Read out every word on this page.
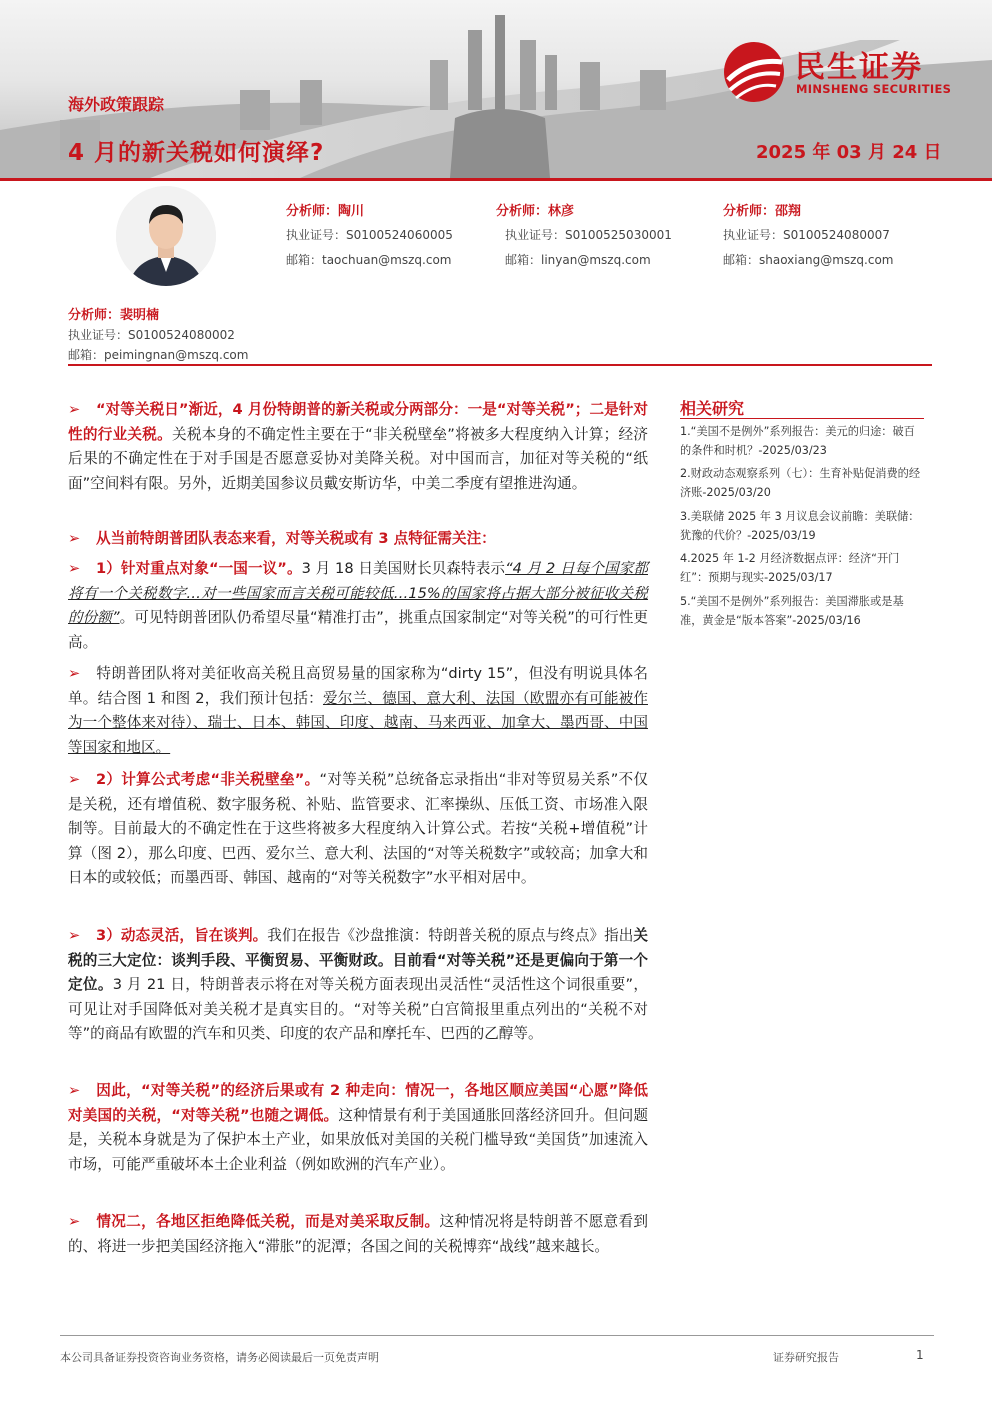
海外政策跟踪
4 月的新关税如何演绎?	2025 年 03 月 24 日
民生证券
MINSHENG SECURITIES
分析师：陶川
执业证号：S0100524060005
邮箱：taochuan@mszq.com
分析师：林彦
执业证号：S0100525030001
邮箱：linyan@mszq.com
分析师：邵翔
执业证号：S0100524080007
邮箱：shaoxiang@mszq.com
分析师：裴明楠
执业证号：S0100524080002
邮箱：peimingnan@mszq.com
➢ “对等关税日”渐近，4 月份特朗普的新关税或分两部分：一是“对等关税”；二是针对性的行业关税。关税本身的不确定性主要在于“非关税壁垒”将被多大程度纳入计算；经济后果的不确定性在于对手国是否愿意妥协对美降关税。对中国而言，加征对等关税的“纸面”空间料有限。另外，近期美国参议员戴安斯访华，中美二季度有望推进沟通。
➢ 从当前特朗普团队表态来看，对等关税或有 3 点特征需关注：
➢ 1）针对重点对象“一国一议”。3 月 18 日美国财长贝森特表示“4 月 2 日每个国家都将有一个关税数字…对一些国家而言关税可能较低…15%的国家将占据大部分被征收关税的份额”。可见特朗普团队仍希望尽量“精准打击”，挑重点国家制定“对等关税”的可行性更高。
➢ 特朗普团队将对美征收高关税且高贸易量的国家称为“dirty 15”，但没有明说具体名单。结合图 1 和图 2，我们预计包括：爱尔兰、德国、意大利、法国（欧盟亦有可能被作为一个整体来对待）、瑞士、日本、韩国、印度、越南、马来西亚、加拿大、墨西哥、中国等国家和地区。
➢ 2）计算公式考虑“非关税壁垒”。“对等关税”总统备忘录指出“非对等贸易关系”不仅是关税，还有增值税、数字服务税、补贴、监管要求、汇率操纵、压低工资、市场准入限制等。目前最大的不确定性在于这些将被多大程度纳入计算公式。若按“关税+增值税”计算（图 2），那么印度、巴西、爱尔兰、意大利、法国的“对等关税数字”或较高；加拿大和日本的或较低；而墨西哥、韩国、越南的“对等关税数字”水平相对居中。
➢ 3）动态灵活，旨在谈判。我们在报告《沙盘推演：特朗普关税的原点与终点》指出关税的三大定位：谈判手段、平衡贸易、平衡财政。目前看“对等关税”还是更偏向于第一个定位。3 月 21 日，特朗普表示将在对等关税方面表现出灵活性“灵活性这个词很重要”，可见让对手国降低对美关税才是真实目的。“对等关税”白宫简报里重点列出的“关税不对等”的商品有欧盟的汽车和贝类、印度的农产品和摩托车、巴西的乙醇等。
➢ 因此，“对等关税”的经济后果或有 2 种走向：情况一，各地区顺应美国“心愿”降低对美国的关税，“对等关税”也随之调低。这种情景有利于美国通胀回落经济回升。但问题是，关税本身就是为了保护本土产业，如果放低对美国的关税门槛导致“美国货”加速流入市场，可能严重破坏本土企业利益（例如欧洲的汽车产业）。
➢ 情况二，各地区拒绝降低关税，而是对美采取反制。这种情况将是特朗普不愿意看到的、将进一步把美国经济拖入“滞胀”的泥潭；各国之间的关税博弈“战线”越来越长。
相关研究
1.“美国不是例外”系列报告：美元的归途：破百的条件和时机？-2025/03/23
2.财政动态观察系列（七）：生育补贴促消费的经济账-2025/03/20
3.美联储 2025 年 3 月议息会议前瞻：美联储：犹豫的代价？-2025/03/19
4.2025 年 1-2 月经济数据点评：经济“开门红”：预期与现实-2025/03/17
5.“美国不是例外”系列报告：美国滞胀或是基准，黄金是“版本答案”-2025/03/16
本公司具备证券投资咨询业务资格，请务必阅读最后一页免责声明	证券研究报告	1
